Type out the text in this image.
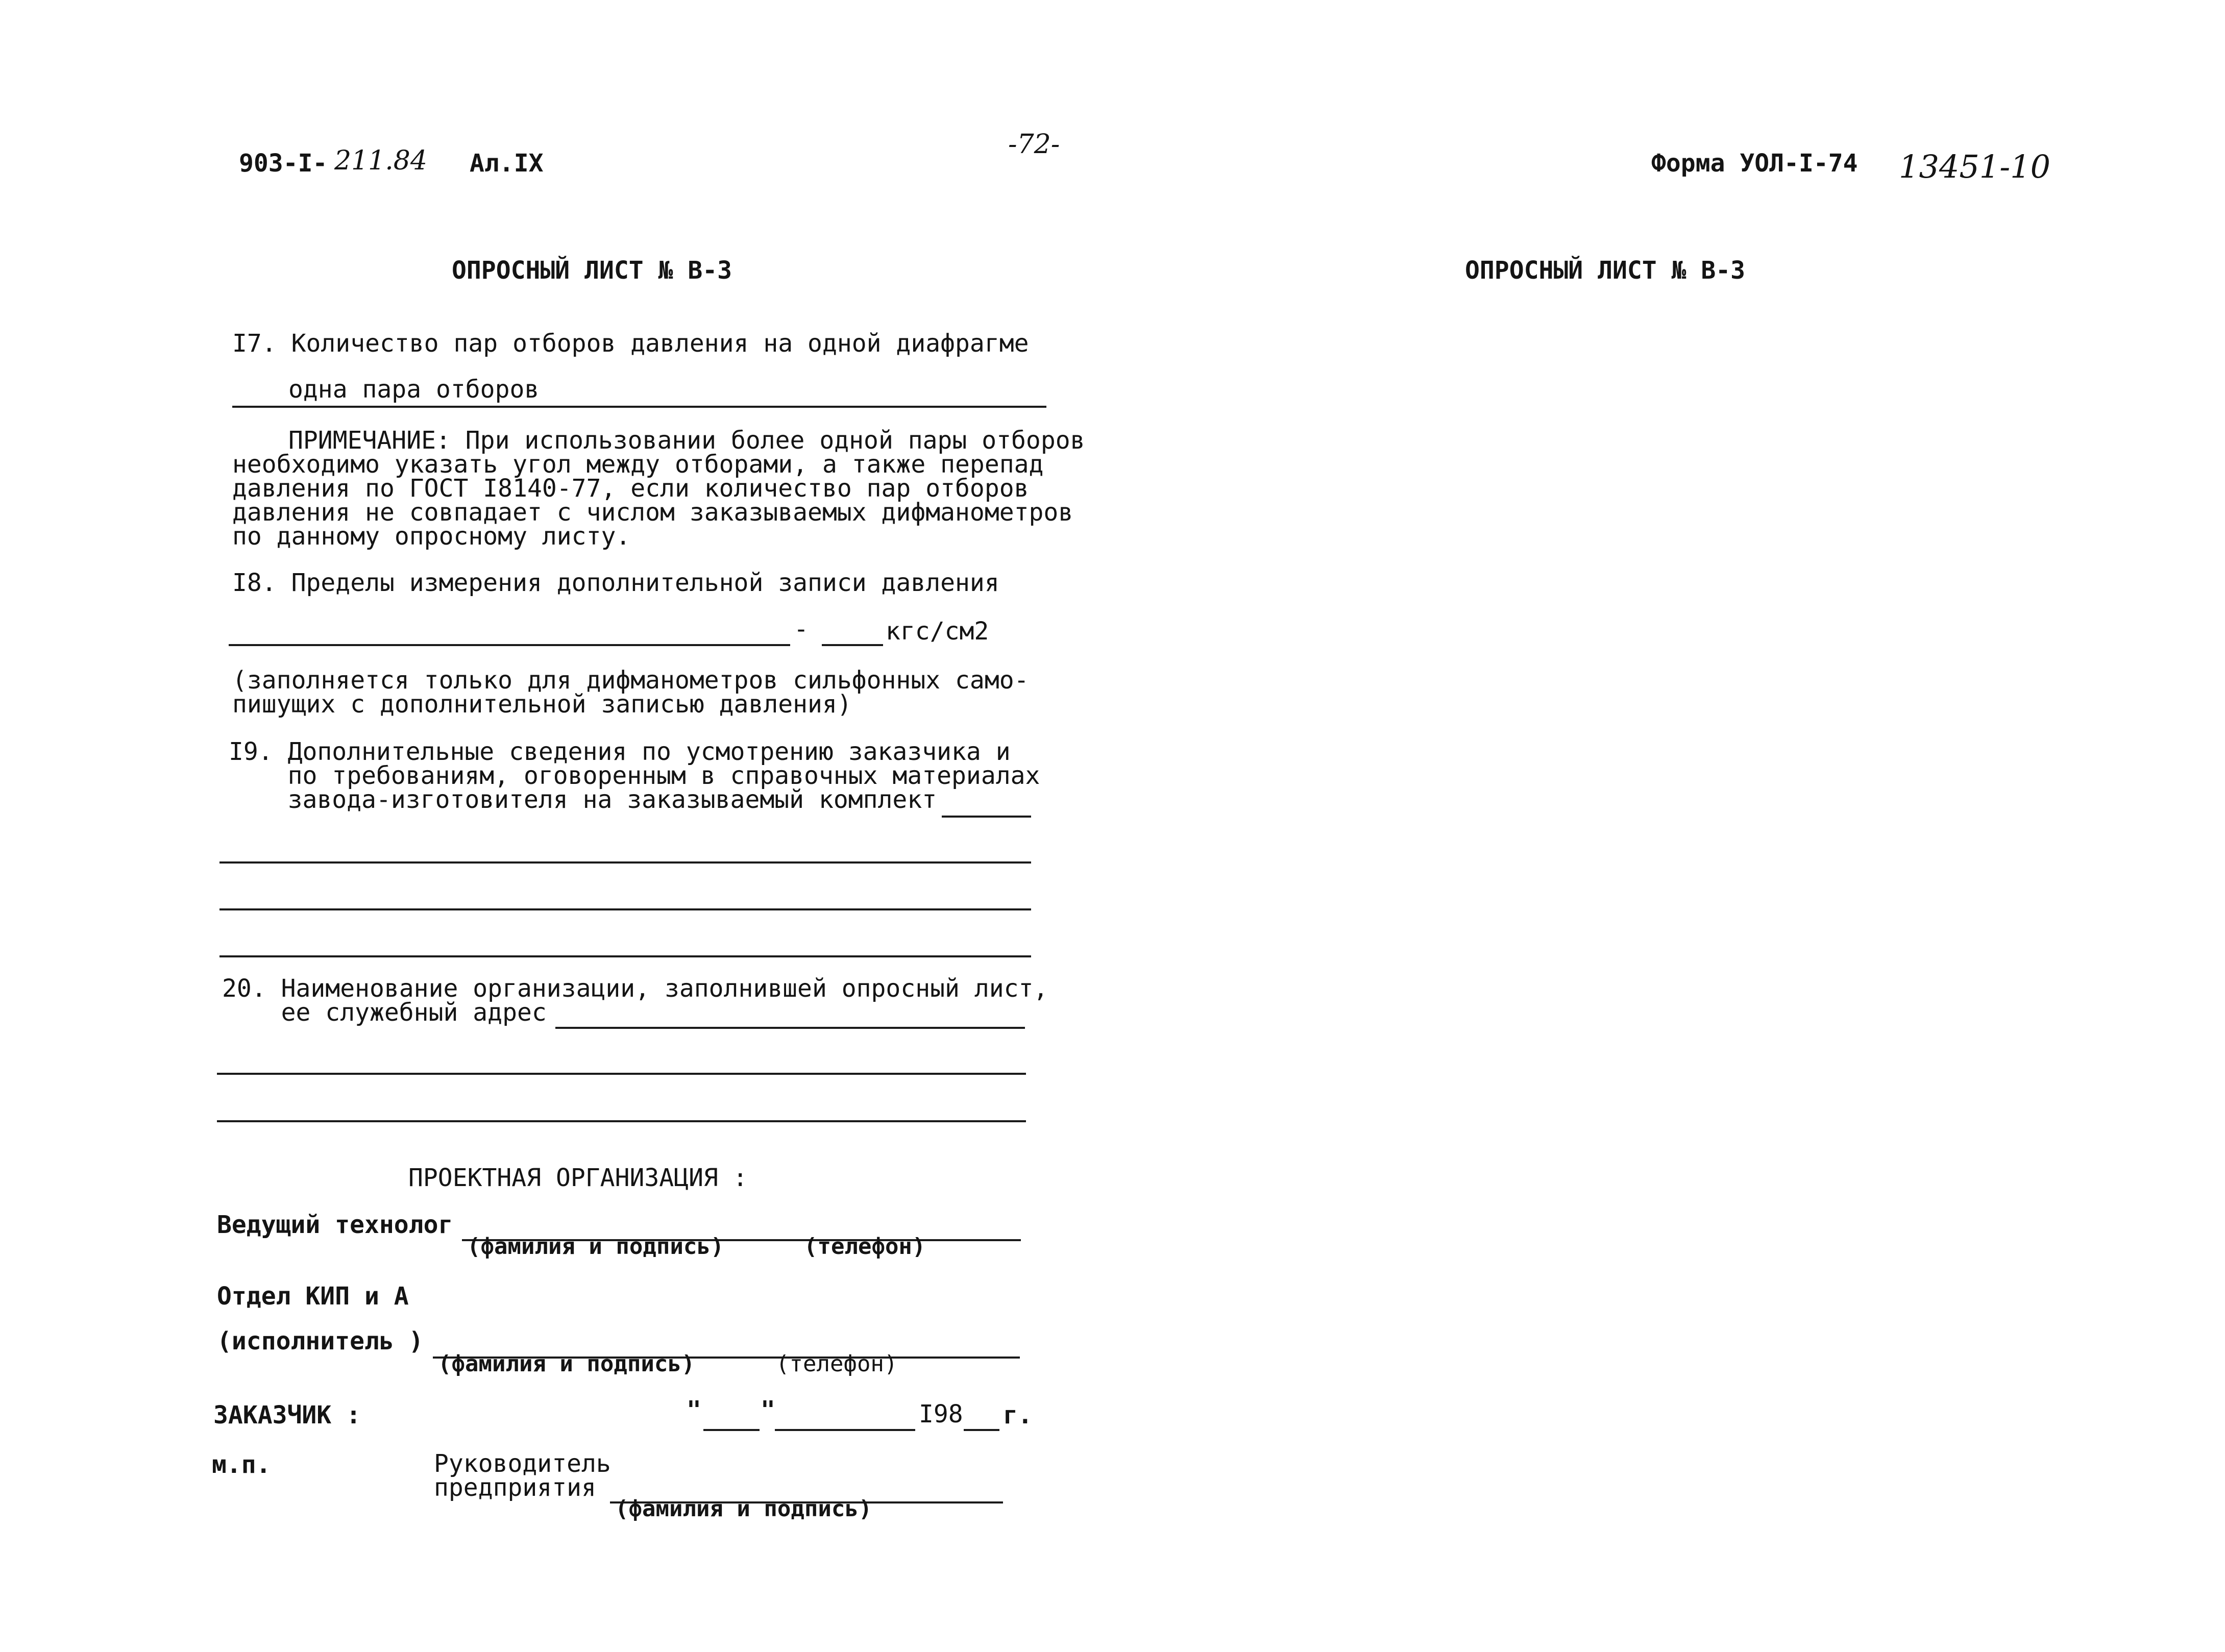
903-I- 211.84 Ал.IX
-72-
Форма УОЛ-I-74 13451-10
ОПРОСНЫЙ ЛИСТ № В-3	ОПРОСНЫЙ ЛИСТ № В-3
I7. Количество пар отборов давления на одной диафрагме
одна пара отборов
ПРИМЕЧАНИЕ: При использовании более одной пары отборов
необходимо указать угол между отборами, а также перепад
давления по ГОСТ I8140-77, если количество пар отборов
давления не совпадает с числом заказываемых дифманометров
по данному опросному листу.
I8. Пределы измерения дополнительной записи давления
-	кгс/см2
(заполняется только для дифманометров сильфонных само-
пишущих с дополнительной записью давления)
I9. Дополнительные сведения по усмотрению заказчика и
по требованиям, оговоренным в справочных материалах
завода-изготовителя на заказываемый комплект
20. Наименование организации, заполнившей опросный лист,
ее служебный адрес
ПРОЕКТНАЯ ОРГАНИЗАЦИЯ :
Ведущий технолог
(фамилия и подпись)	(телефон)
Отдел КИП и А
(исполнитель )
(фамилия и подпись)	(телефон)
ЗАКАЗЧИК :	" "	I98 г.
м.п.	Руководитель
предприятия
(фамилия и подпись)
